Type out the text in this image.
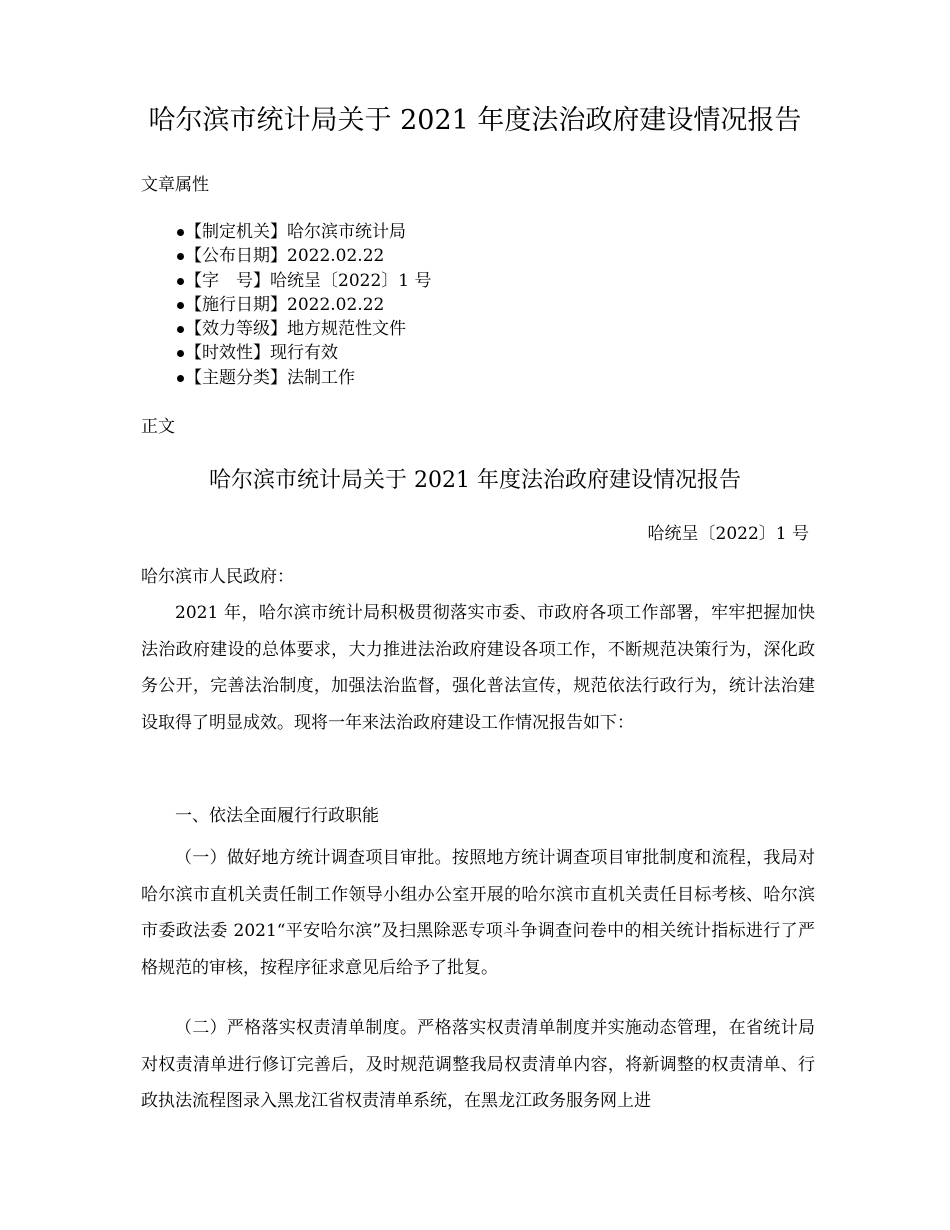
哈尔滨市统计局关于 2021 年度法治政府建设情况报告

文章属性

【制定机关】哈尔滨市统计局
【公布日期】2022.02.22
【字　号】哈统呈〔2022〕1 号
【施行日期】2022.02.22
【效力等级】地方规范性文件
【时效性】现行有效
【主题分类】法制工作

正文

哈尔滨市统计局关于 2021 年度法治政府建设情况报告

哈统呈〔2022〕1 号

哈尔滨市人民政府：

2021 年，哈尔滨市统计局积极贯彻落实市委、市政府各项工作部署，牢牢把握加快法治政府建设的总体要求，大力推进法治政府建设各项工作，不断规范决策行为，深化政务公开，完善法治制度，加强法治监督，强化普法宣传，规范依法行政行为，统计法治建设取得了明显成效。现将一年来法治政府建设工作情况报告如下：

一、依法全面履行行政职能

（一）做好地方统计调查项目审批。按照地方统计调查项目审批制度和流程，我局对哈尔滨市直机关责任制工作领导小组办公室开展的哈尔滨市直机关责任目标考核、哈尔滨市委政法委 2021“平安哈尔滨”及扫黑除恶专项斗争调查问卷中的相关统计指标进行了严格规范的审核，按程序征求意见后给予了批复。

（二）严格落实权责清单制度。严格落实权责清单制度并实施动态管理，在省统计局对权责清单进行修订完善后，及时规范调整我局权责清单内容，将新调整的权责清单、行政执法流程图录入黑龙江省权责清单系统，在黑龙江政务服务网上进
